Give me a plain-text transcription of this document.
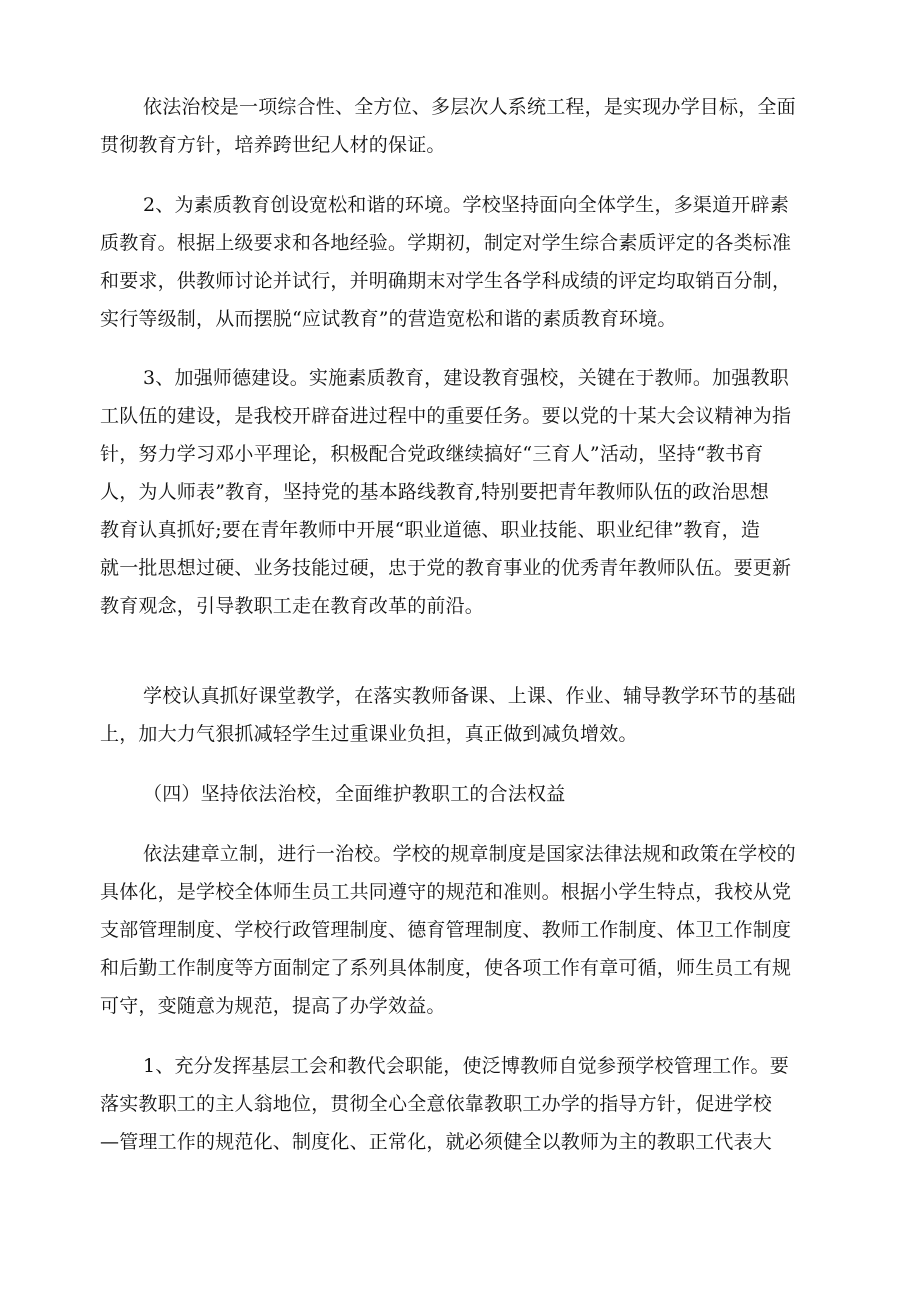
依法治校是一项综合性、全方位、多层次人系统工程，是实现办学目标，全面
贯彻教育方针，培养跨世纪人材的保证。
2、为素质教育创设宽松和谐的环境。学校坚持面向全体学生，多渠道开辟素
质教育。根据上级要求和各地经验。学期初，制定对学生综合素质评定的各类标准
和要求，供教师讨论并试行，并明确期末对学生各学科成绩的评定均取销百分制，
实行等级制，从而摆脱“应试教育”的营造宽松和谐的素质教育环境。
3、加强师德建设。实施素质教育，建设教育强校，关键在于教师。加强教职
工队伍的建设，是我校开辟奋进过程中的重要任务。要以党的十某大会议精神为指
针，努力学习邓小平理论，积极配合党政继续搞好“三育人”活动，坚持“教书育
人，为人师表”教育，坚持党的基本路线教育,特别要把青年教师队伍的政治思想
教育认真抓好;要在青年教师中开展“职业道德、职业技能、职业纪律”教育，造
就一批思想过硬、业务技能过硬，忠于党的教育事业的优秀青年教师队伍。要更新
教育观念，引导教职工走在教育改革的前沿。
学校认真抓好课堂教学，在落实教师备课、上课、作业、辅导教学环节的基础
上，加大力气狠抓减轻学生过重课业负担，真正做到减负增效。
（四）坚持依法治校，全面维护教职工的合法权益
依法建章立制，进行一治校。学校的规章制度是国家法律法规和政策在学校的
具体化，是学校全体师生员工共同遵守的规范和准则。根据小学生特点，我校从党
支部管理制度、学校行政管理制度、德育管理制度、教师工作制度、体卫工作制度
和后勤工作制度等方面制定了系列具体制度，使各项工作有章可循，师生员工有规
可守，变随意为规范，提高了办学效益。
1、充分发挥基层工会和教代会职能，使泛博教师自觉参预学校管理工作。要
落实教职工的主人翁地位，贯彻全心全意依靠教职工办学的指导方针，促进学校
—管理工作的规范化、制度化、正常化，就必须健全以教师为主的教职工代表大
